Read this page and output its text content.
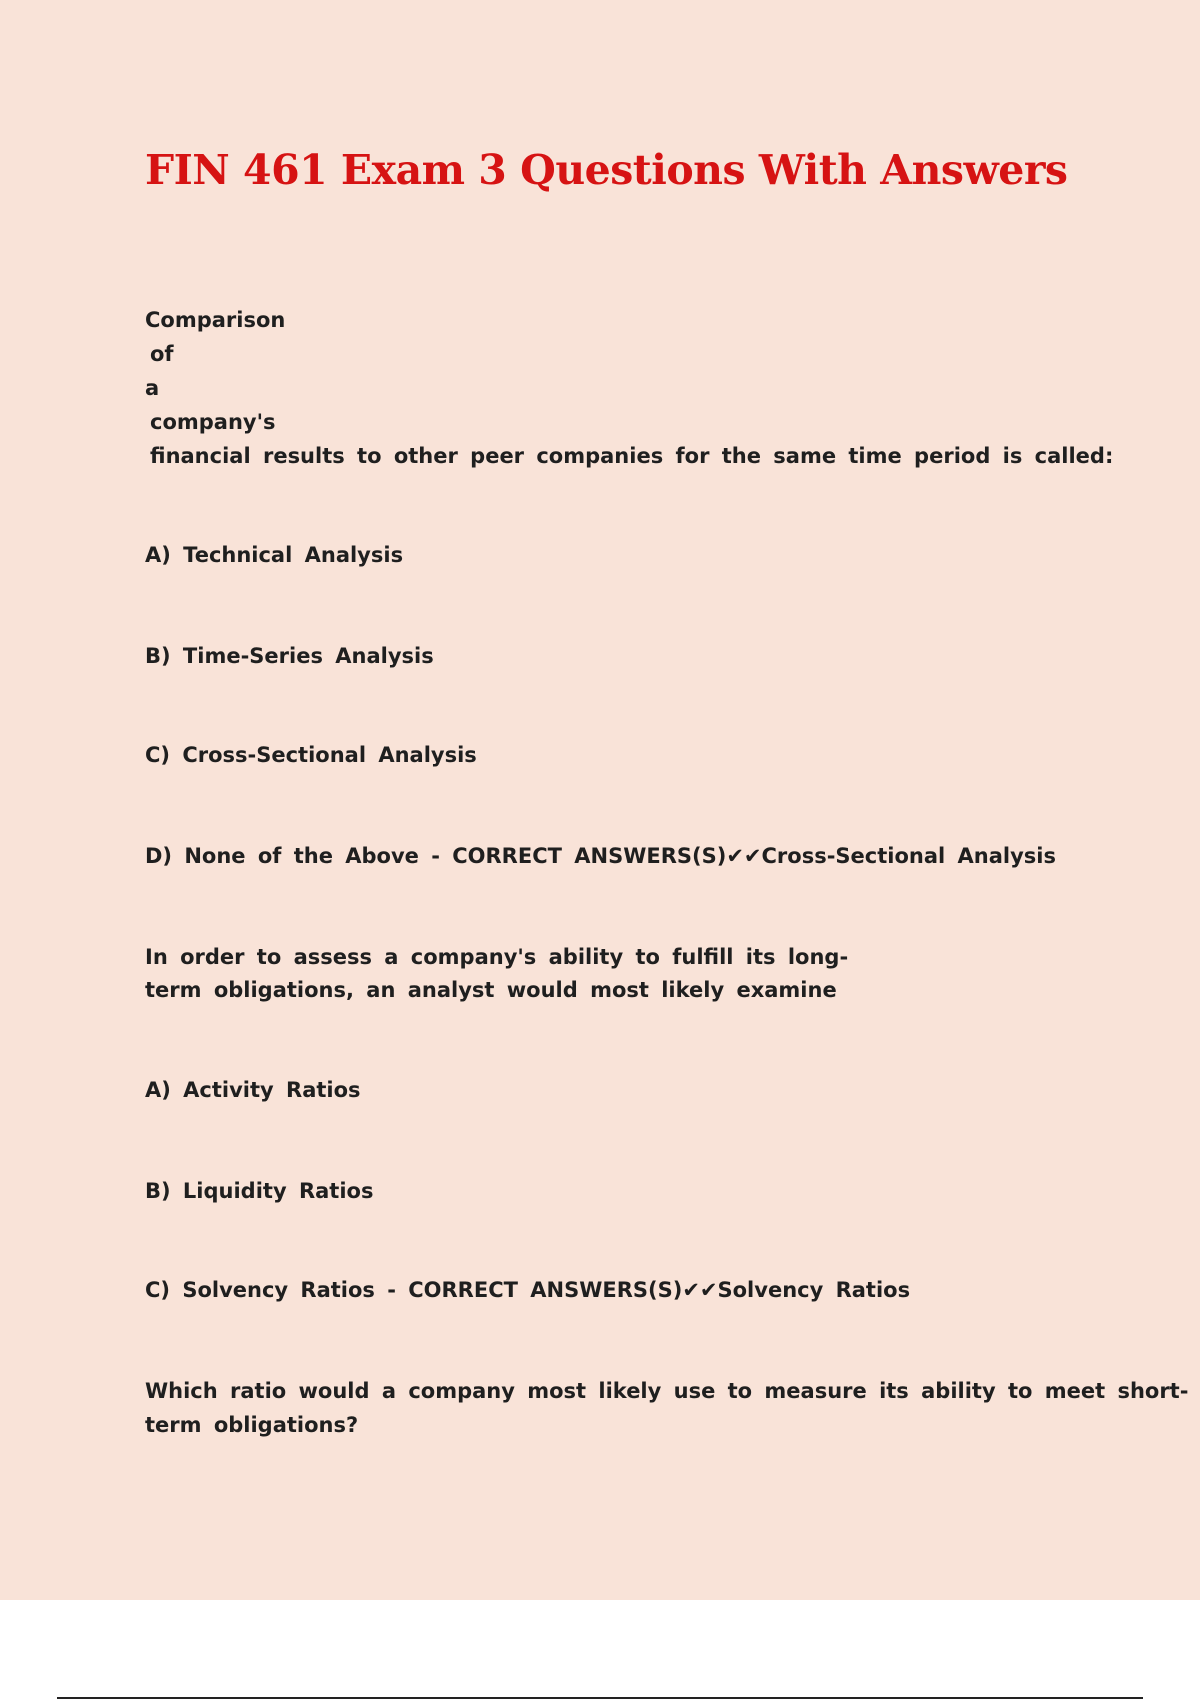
FIN 461 Exam 3 Questions With Answers

Comparison

of

a

company's

financial results to other peer companies for the same time period is called:

A) Technical Analysis

B) Time-Series Analysis

C) Cross-Sectional Analysis

D) None of the Above - CORRECT ANSWERS(S)✔✔Cross-Sectional Analysis

In order to assess a company's ability to fulfill its long-

term obligations, an analyst would most likely examine

A) Activity Ratios

B) Liquidity Ratios

C) Solvency Ratios - CORRECT ANSWERS(S)✔✔Solvency Ratios

Which ratio would a company most likely use to measure its ability to meet short-

term obligations?
